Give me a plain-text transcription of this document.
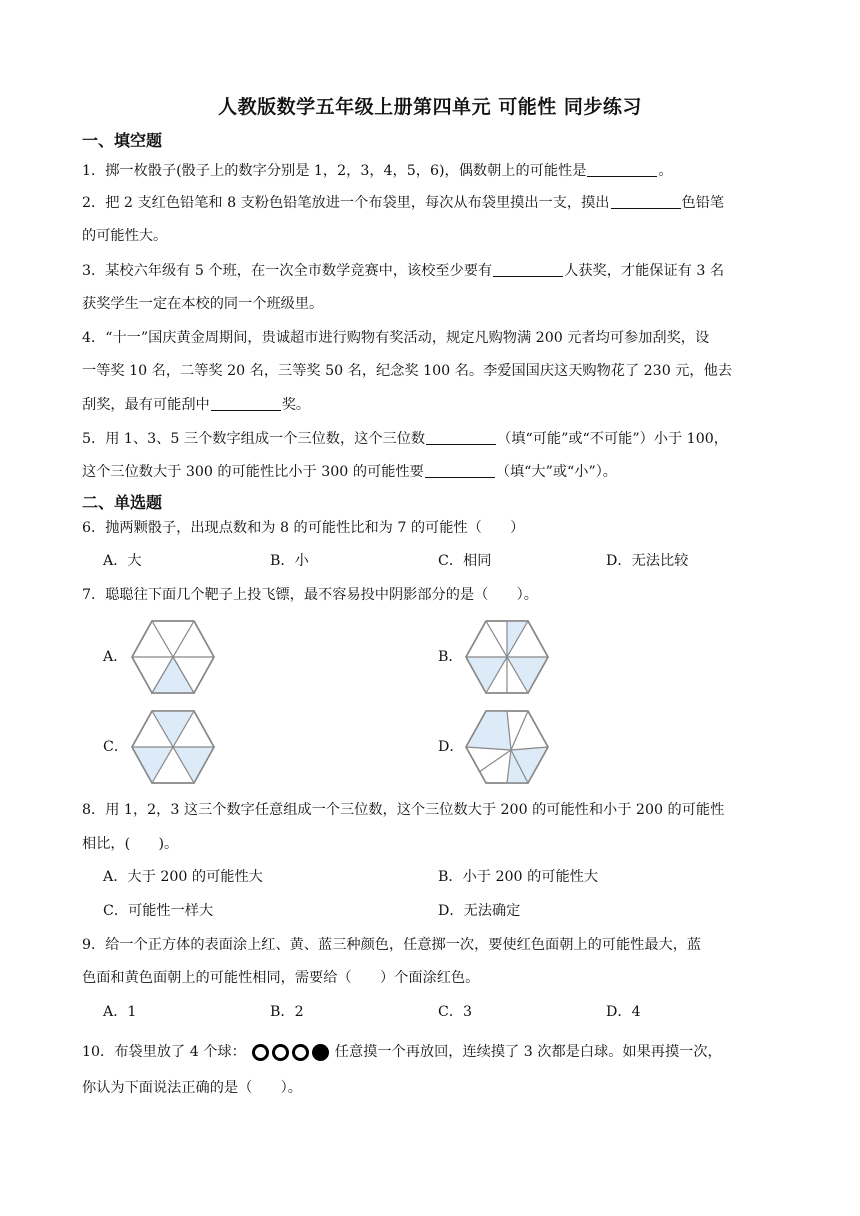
人教版数学五年级上册第四单元 可能性 同步练习
一、填空题
1．掷一枚骰子(骰子上的数字分别是 1，2，3，4，5，6)，偶数朝上的可能性是	。
2．把 2 支红色铅笔和 8 支粉色铅笔放进一个布袋里，每次从布袋里摸出一支，摸出	色铅笔
的可能性大。
3．某校六年级有 5 个班，在一次全市数学竞赛中，该校至少要有	人获奖，才能保证有 3 名
获奖学生一定在本校的同一个班级里。
4．“十一”国庆黄金周期间，贵诚超市进行购物有奖活动，规定凡购物满 200 元者均可参加刮奖，设
一等奖 10 名，二等奖 20 名，三等奖 50 名，纪念奖 100 名。李爱国国庆这天购物花了 230 元，他去
刮奖，最有可能刮中	奖。
5．用 1、3、5 三个数字组成一个三位数，这个三位数	（填“可能”或“不可能”）小于 100，
这个三位数大于 300 的可能性比小于 300 的可能性要	（填“大”或“小”）。
二、单选题
6．抛两颗骰子，出现点数和为 8 的可能性比和为 7 的可能性（　　）
A．大	B．小	C．相同	D．无法比较
7．聪聪往下面几个靶子上投飞镖，最不容易投中阴影部分的是（　　）。
A．	B．
C．	D．
8．用 1，2，3 这三个数字任意组成一个三位数，这个三位数大于 200 的可能性和小于 200 的可能性
相比，(　　)。
A．大于 200 的可能性大	B．小于 200 的可能性大
C．可能性一样大	D．无法确定
9．给一个正方体的表面涂上红、黄、蓝三种颜色，任意掷一次，要使红色面朝上的可能性最大，蓝
色面和黄色面朝上的可能性相同，需要给（　　）个面涂红色。
A．1	B．2	C．3	D．4
10．布袋里放了 4 个球：	任意摸一个再放回，连续摸了 3 次都是白球。如果再摸一次，
你认为下面说法正确的是（　　）。
